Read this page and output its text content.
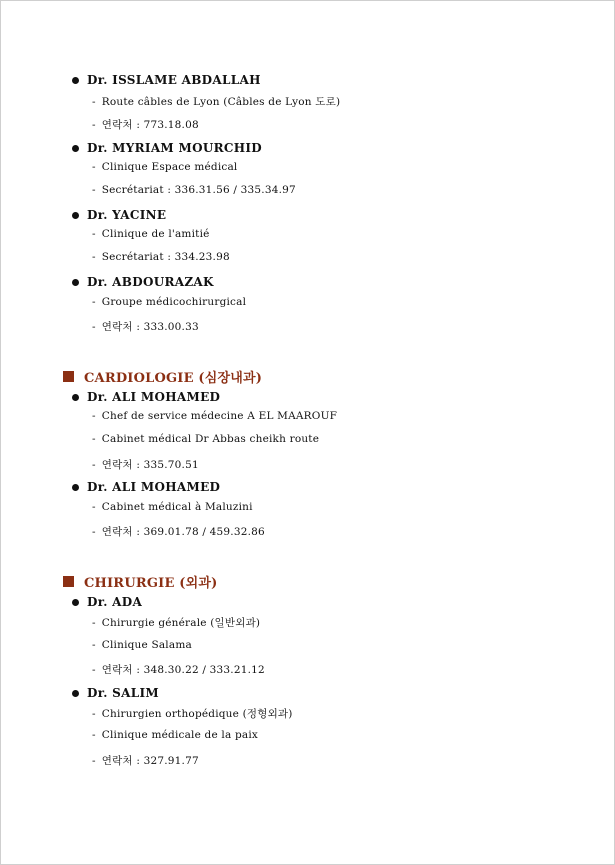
Dr. ISSLAME ABDALLAH
- Route câbles de Lyon (Câbles de Lyon 도로)
- 연락처 : 773.18.08
Dr. MYRIAM MOURCHID
- Clinique Espace médical
- Secrétariat : 336.31.56 / 335.34.97
Dr. YACINE
- Clinique de l'amitié
- Secrétariat : 334.23.98
Dr. ABDOURAZAK
- Groupe médicochirurgical
- 연락처 : 333.00.33
CARDIOLOGIE (심장내과)
Dr. ALI MOHAMED
- Chef de service médecine A EL MAAROUF
- Cabinet médical Dr Abbas cheikh route
- 연락처 : 335.70.51
Dr. ALI MOHAMED
- Cabinet médical à Maluzini
- 연락처 : 369.01.78 / 459.32.86
CHIRURGIE (외과)
Dr. ADA
- Chirurgie générale (일반외과)
- Clinique Salama
- 연락처 : 348.30.22 / 333.21.12
Dr. SALIM
- Chirurgien orthopédique (정형외과)
- Clinique médicale de la paix
- 연락처 : 327.91.77
